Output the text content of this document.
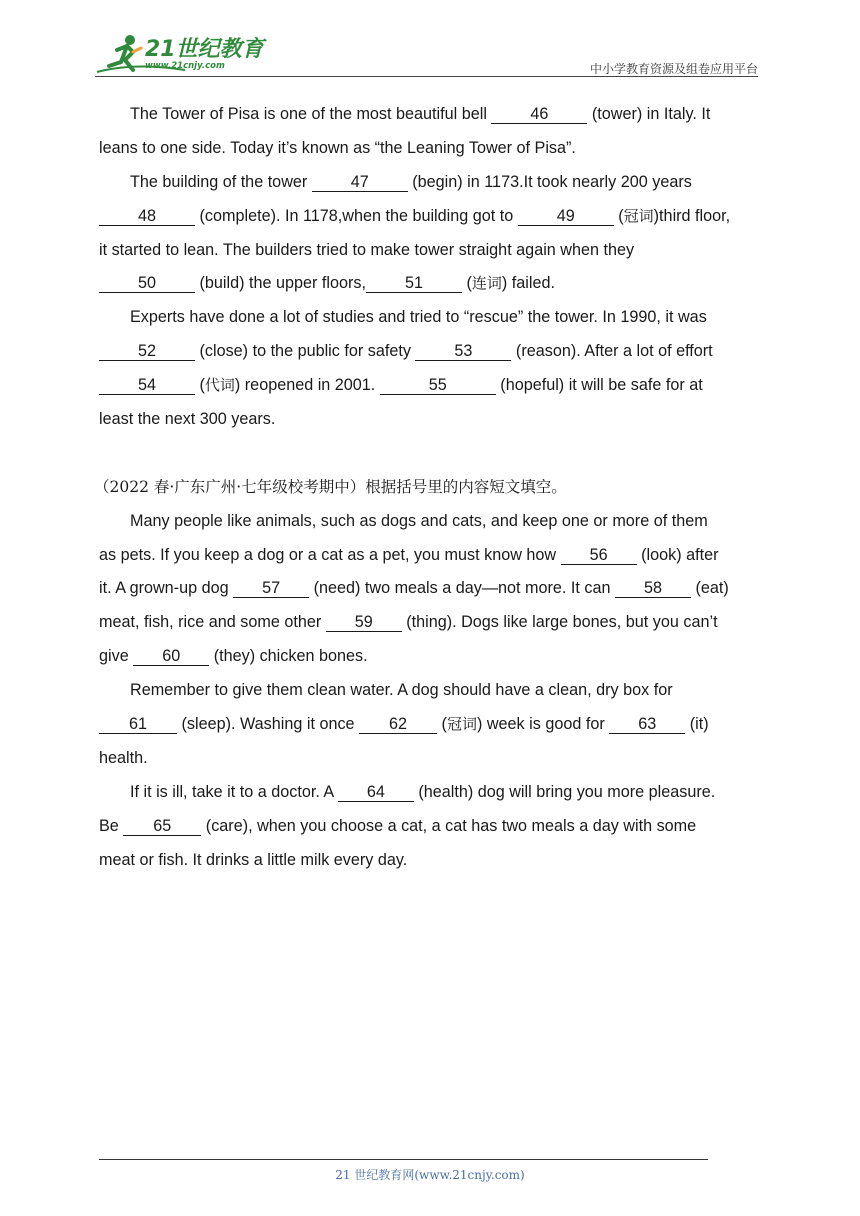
21世纪教育
www.21cnjy.com	中小学教育资源及组卷应用平台
The Tower of Pisa is one of the most beautiful bell 46 (tower) in Italy. It
leans to one side. Today it’s known as “the Leaning Tower of Pisa”.
The building of the tower 47 (begin) in 1173.It took nearly 200 years
48 (complete). In 1178,when the building got to 49 (冠词)third floor,
it started to lean. The builders tried to make tower straight again when they
50 (build) the upper floors, 51 (连词) failed.
Experts have done a lot of studies and tried to “rescue” the tower. In 1990, it was
52 (close) to the public for safety 53 (reason). After a lot of effort
54 (代词) reopened in 2001.	55	(hopeful) it will be safe for at
least the next 300 years.
（2022 春·广东广州·七年级校考期中）根据括号里的内容短文填空。
Many people like animals, such as dogs and cats, and keep one or more of them
as pets. If you keep a dog or a cat as a pet, you must know how 56 (look) after
it. A grown-up dog 57 (need) two meals a day—not more. It can 58 (eat)
meat, fish, rice and some other 59 (thing). Dogs like large bones, but you can’t
give 60 (they) chicken bones.
Remember to give them clean water. A dog should have a clean, dry box for
61 (sleep). Washing it once 62 (冠词) week is good for 63 (it)
health.
If it is ill, take it to a doctor. A 64 (health) dog will bring you more pleasure.
Be 65 (care), when you choose a cat, a cat has two meals a day with some
meat or fish. It drinks a little milk every day.
21 世纪教育网(www.21cnjy.com)
